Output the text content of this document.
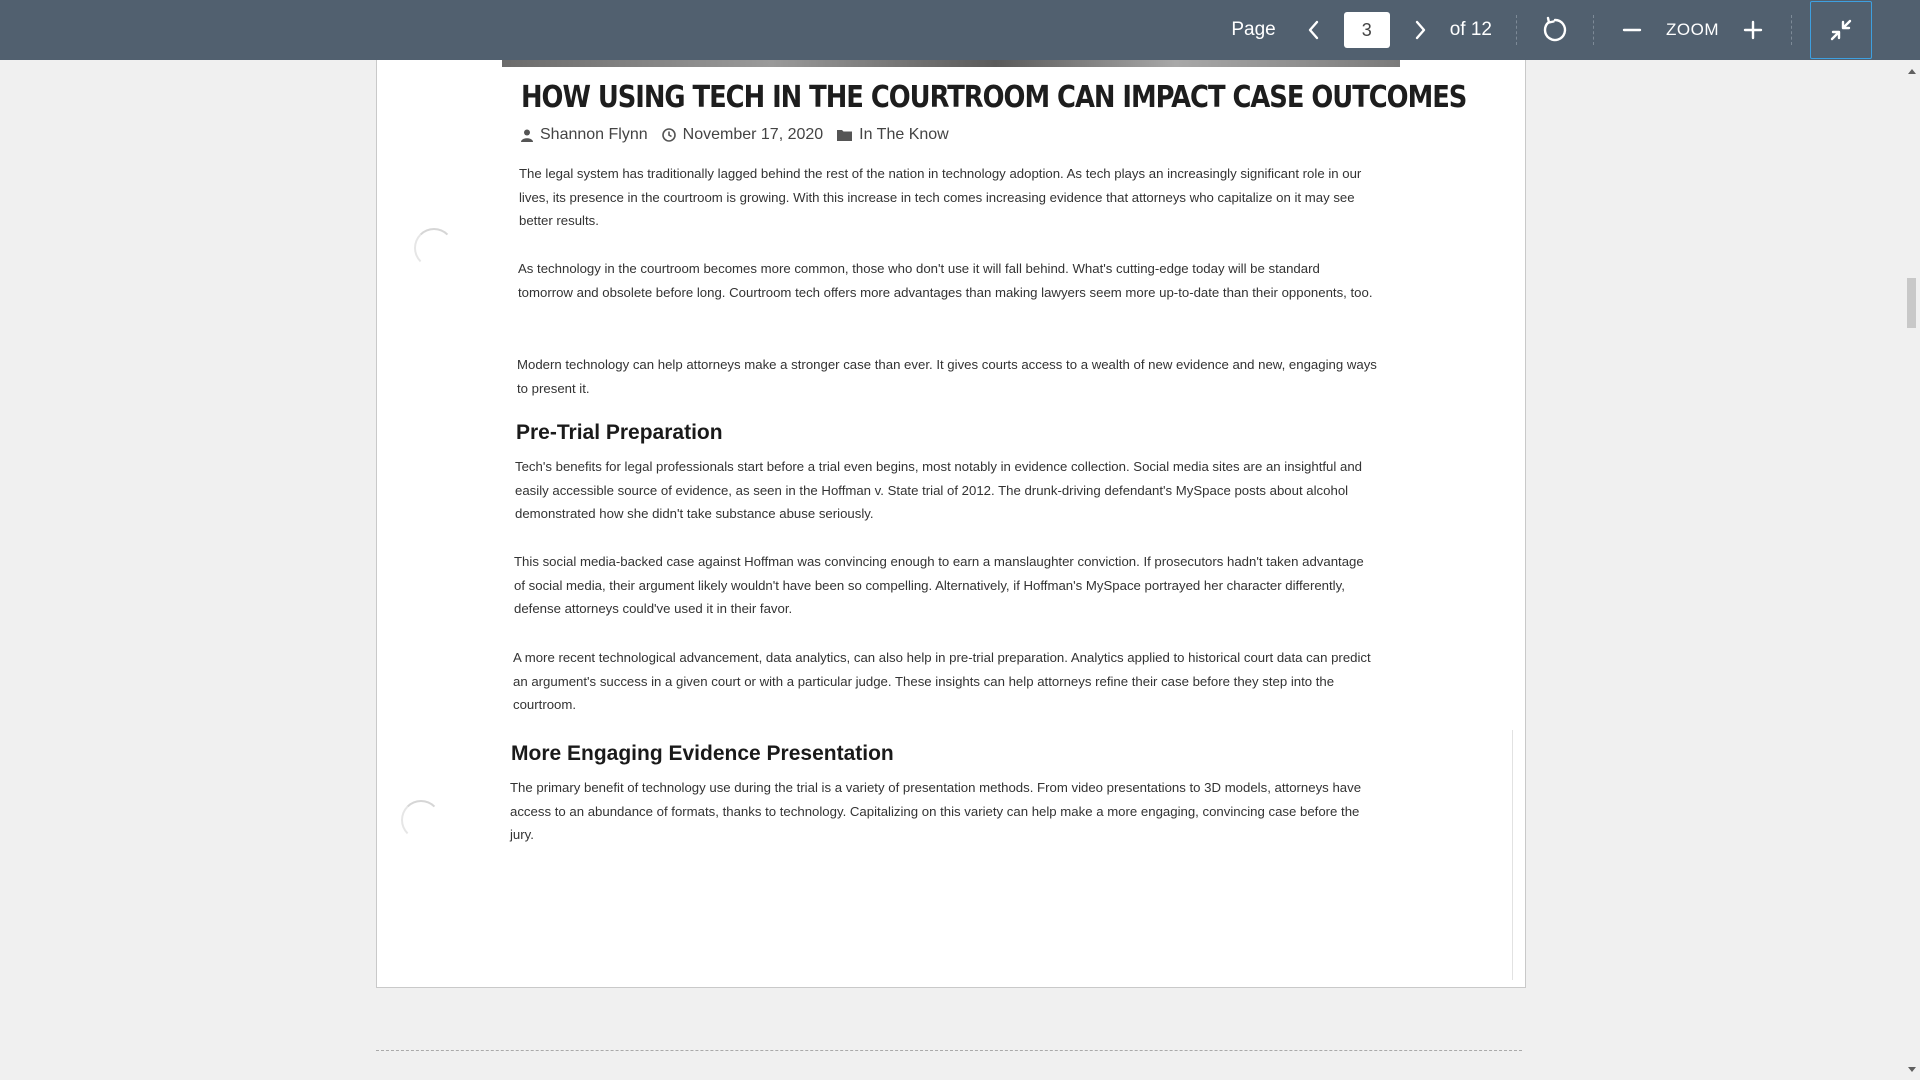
Page
3	of 12	ZOOM
HOW USING TECH IN THE COURTROOM CAN IMPACT CASE OUTCOMES
Shannon Flynn November 17, 2020 In The Know

The legal system has traditionally lagged behind the rest of the nation in technology adoption. As tech plays an increasingly significant role in our lives, its presence in the courtroom is growing. With this increase in tech comes increasing evidence that attorneys who capitalize on it may see better results.

As technology in the courtroom becomes more common, those who don't use it will fall behind. What's cutting-edge today will be standard tomorrow and obsolete before long. Courtroom tech offers more advantages than making lawyers seem more up-to-date than their opponents, too.

Modern technology can help attorneys make a stronger case than ever. It gives courts access to a wealth of new evidence and new, engaging ways to present it.

Pre-Trial Preparation

Tech's benefits for legal professionals start before a trial even begins, most notably in evidence collection. Social media sites are an insightful and easily accessible source of evidence, as seen in the Hoffman v. State trial of 2012. The drunk-driving defendant's MySpace posts about alcohol demonstrated how she didn't take substance abuse seriously.

This social media-backed case against Hoffman was convincing enough to earn a manslaughter conviction. If prosecutors hadn't taken advantage of social media, their argument likely wouldn't have been so compelling. Alternatively, if Hoffman's MySpace portrayed her character differently, defense attorneys could've used it in their favor.

A more recent technological advancement, data analytics, can also help in pre-trial preparation. Analytics applied to historical court data can predict an argument's success in a given court or with a particular judge. These insights can help attorneys refine their case before they step into the courtroom.

More Engaging Evidence Presentation

The primary benefit of technology use during the trial is a variety of presentation methods. From video presentations to 3D models, attorneys have access to an abundance of formats, thanks to technology. Capitalizing on this variety can help make a more engaging, convincing case before the jury.
